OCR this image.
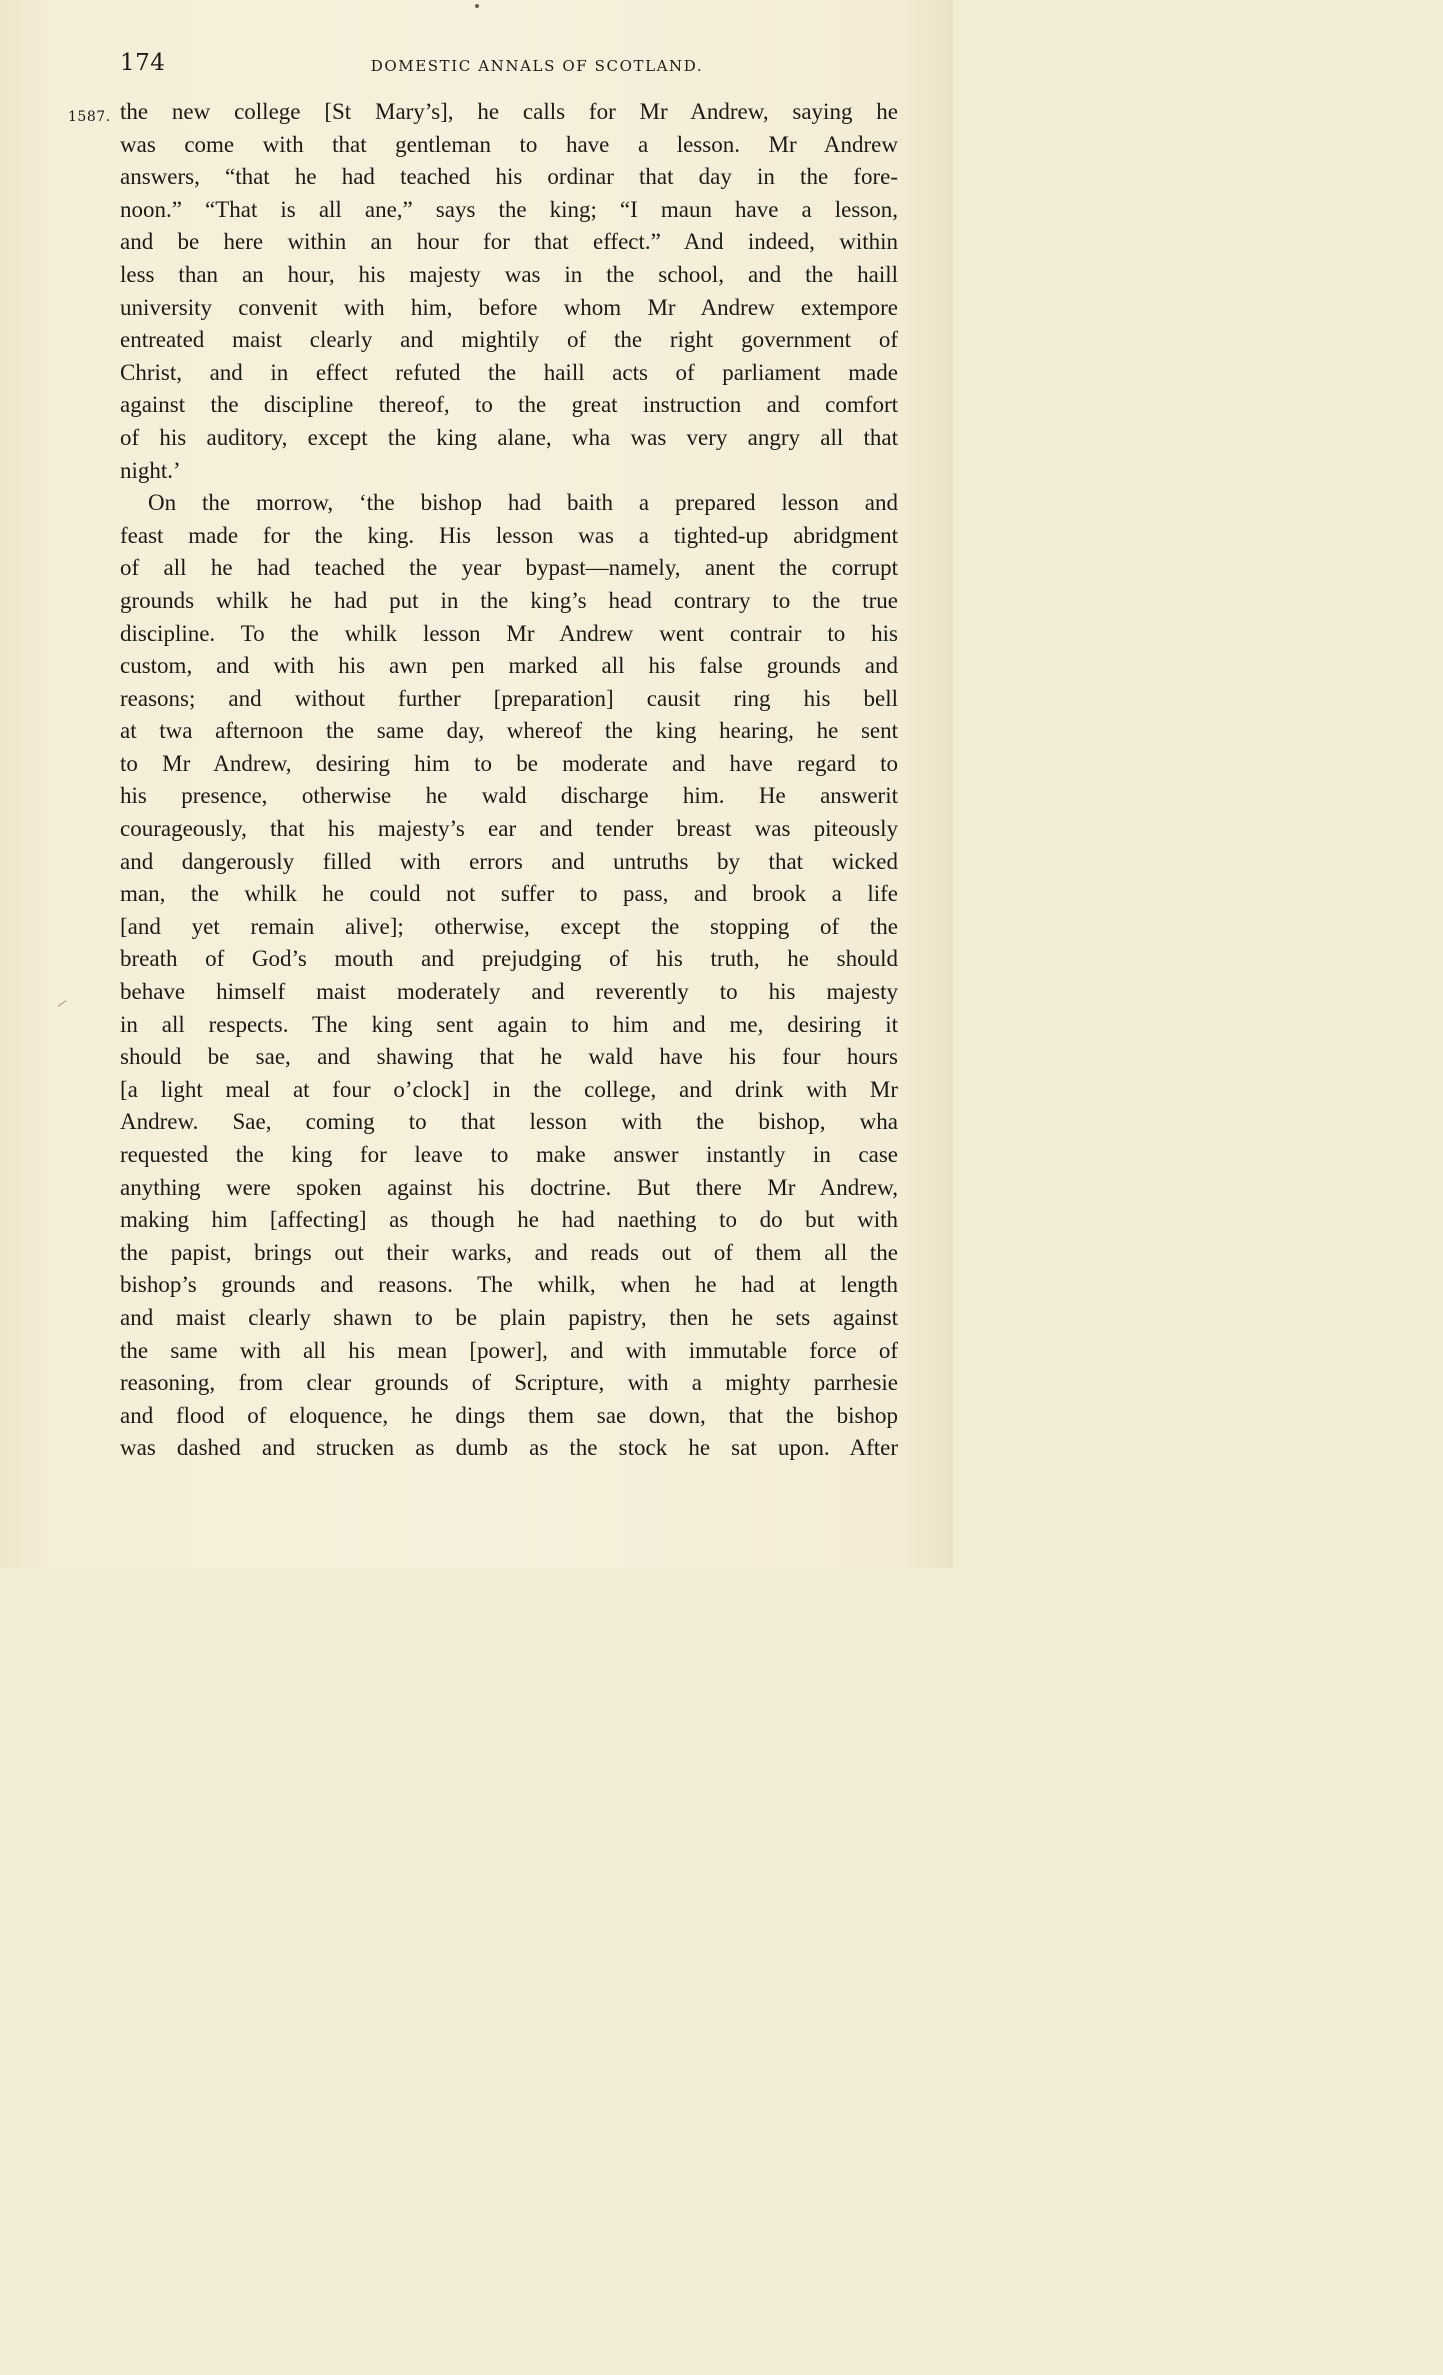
174	DOMESTIC ANNALS OF SCOTLAND.
1587. the new college [St Mary’s], he calls for Mr Andrew, saying he
was come with that gentleman to have a lesson. Mr Andrew
answers, “that he had teached his ordinar that day in the fore-
noon.” “That is all ane,” says the king; “I maun have a lesson,
and be here within an hour for that effect.” And indeed, within
less than an hour, his majesty was in the school, and the haill
university convenit with him, before whom Mr Andrew extempore
entreated maist clearly and mightily of the right government of
Christ, and in effect refuted the haill acts of parliament made
against the discipline thereof, to the great instruction and comfort
of his auditory, except the king alane, wha was very angry all that
night.’
On the morrow, ‘the bishop had baith a prepared lesson and
feast made for the king. His lesson was a tighted-up abridgment
of all he had teached the year bypast—namely, anent the corrupt
grounds whilk he had put in the king’s head contrary to the true
discipline. To the whilk lesson Mr Andrew went contrair to his
custom, and with his awn pen marked all his false grounds and
reasons; and without further [preparation] causit ring his bell
at twa afternoon the same day, whereof the king hearing, he sent
to Mr Andrew, desiring him to be moderate and have regard to
his presence, otherwise he wald discharge him. He answerit
courageously, that his majesty’s ear and tender breast was piteously
and dangerously filled with errors and untruths by that wicked
man, the whilk he could not suffer to pass, and brook a life
[and yet remain alive]; otherwise, except the stopping of the
breath of God’s mouth and prejudging of his truth, he should
behave himself maist moderately and reverently to his majesty
in all respects. The king sent again to him and me, desiring it
should be sae, and shawing that he wald have his four hours
[a light meal at four o’clock] in the college, and drink with Mr
Andrew. Sae, coming to that lesson with the bishop, wha
requested the king for leave to make answer instantly in case
anything were spoken against his doctrine. But there Mr Andrew,
making him [affecting] as though he had naething to do but with
the papist, brings out their warks, and reads out of them all the
bishop’s grounds and reasons. The whilk, when he had at length
and maist clearly shawn to be plain papistry, then he sets against
the same with all his mean [power], and with immutable force of
reasoning, from clear grounds of Scripture, with a mighty parrhesie
and flood of eloquence, he dings them sae down, that the bishop
was dashed and strucken as dumb as the stock he sat upon. After
